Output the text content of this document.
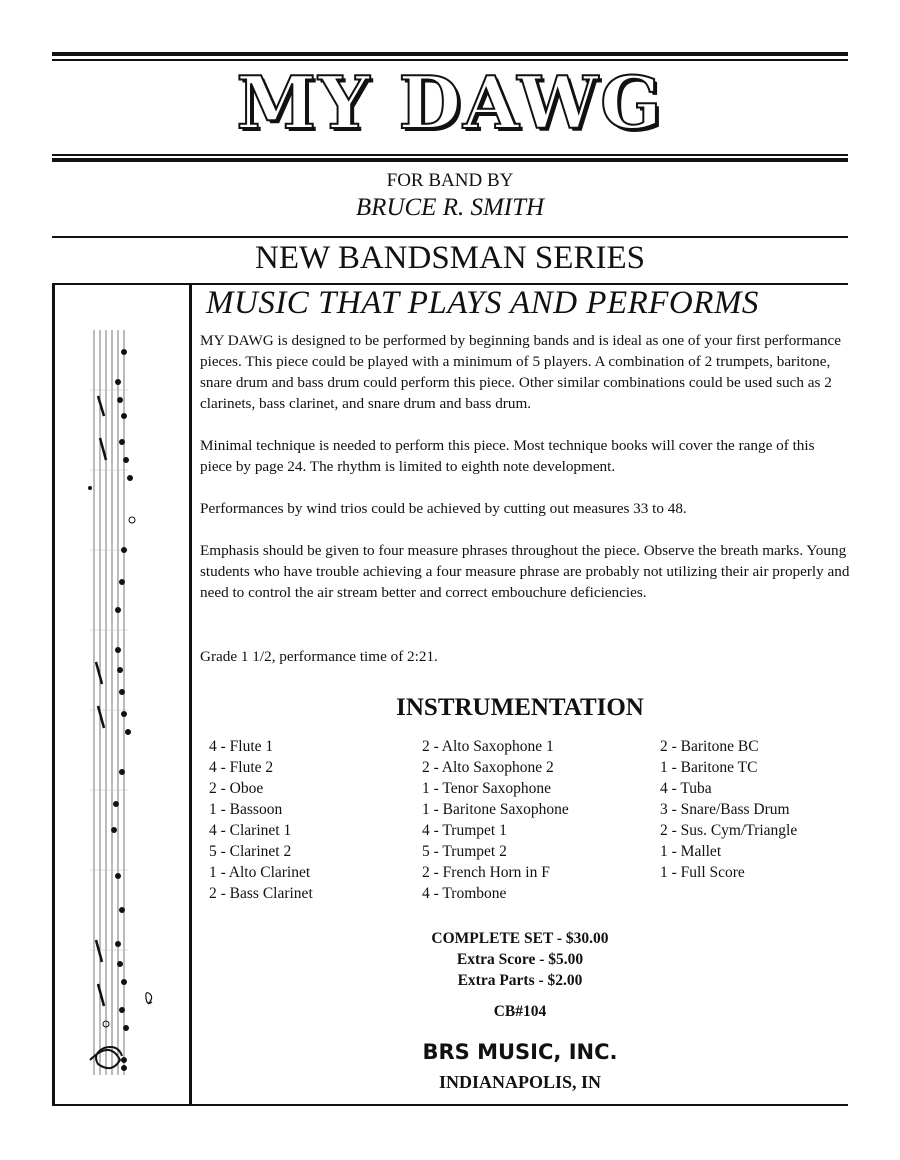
MY DAWG
FOR BAND BY
BRUCE R. SMITH
NEW BANDSMAN SERIES
MUSIC THAT PLAYS AND PERFORMS

MY DAWG is designed to be performed by beginning bands and is ideal as one of your first performance pieces. This piece could be played with a minimum of 5 players. A combination of 2 trumpets, baritone, snare drum and bass drum could perform this piece. Other similar combinations could be used such as 2 clarinets, bass clarinet, and snare drum and bass drum.

Minimal technique is needed to perform this piece. Most technique books will cover the range of this piece by page 24. The rhythm is limited to eighth note development.

Performances by wind trios could be achieved by cutting out measures 33 to 48.

Emphasis should be given to four measure phrases throughout the piece. Observe the breath marks. Young students who have trouble achieving a four measure phrase are probably not utilizing their air properly and need to control the air stream better and correct embouchure deficiencies.

Grade 1 1/2, performance time of 2:21.

INSTRUMENTATION
4 - Flute 1
4 - Flute 2
2 - Oboe
1 - Bassoon
4 - Clarinet 1
5 - Clarinet 2
1 - Alto Clarinet
2 - Bass Clarinet
2 - Alto Saxophone 1
2 - Alto Saxophone 2
1 - Tenor Saxophone
1 - Baritone Saxophone
4 - Trumpet 1
5 - Trumpet 2
2 - French Horn in F
4 - Trombone
2 - Baritone BC
1 - Baritone TC
4 - Tuba
3 - Snare/Bass Drum
2 - Sus. Cym/Triangle
1 - Mallet
1 - Full Score
COMPLETE SET - $30.00
Extra Score - $5.00
Extra Parts - $2.00
CB#104
BRS MUSIC, INC.
INDIANAPOLIS, IN
